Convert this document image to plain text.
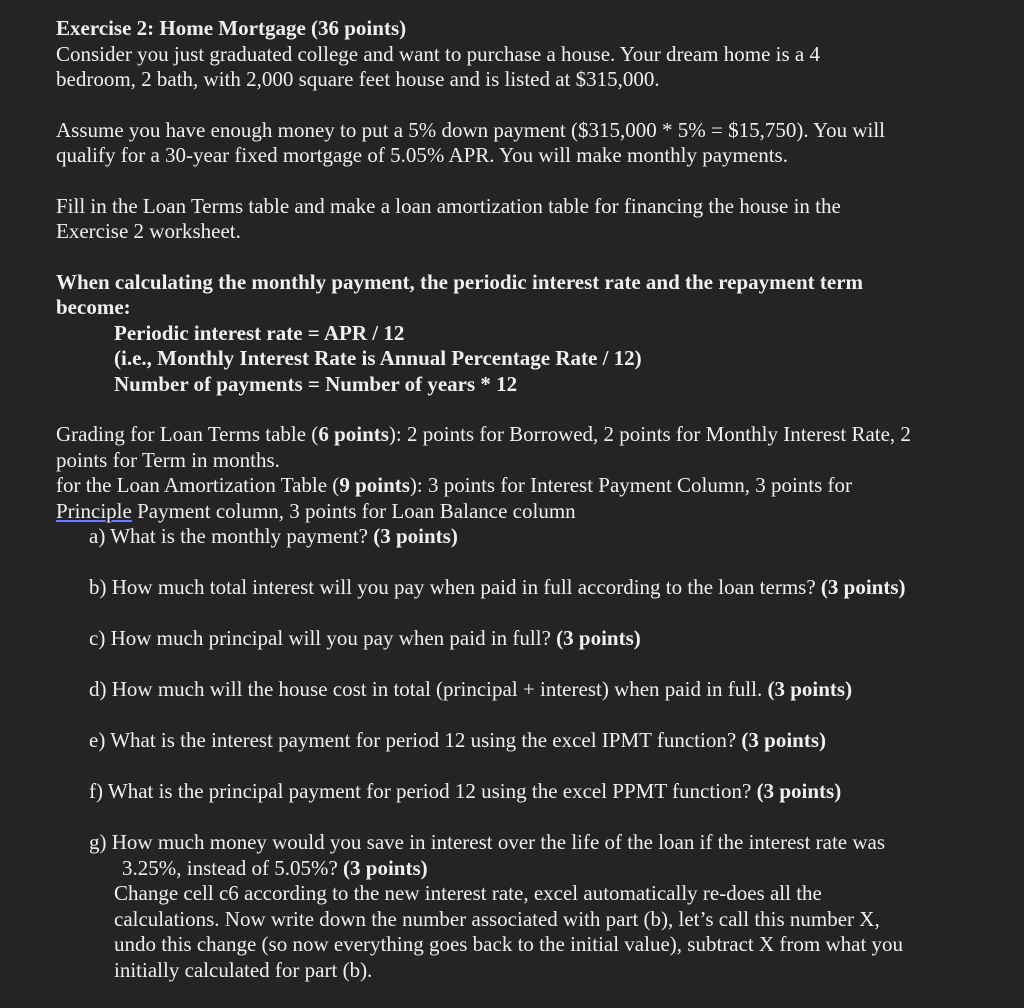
Exercise 2: Home Mortgage (36 points)

Consider you just graduated college and want to purchase a house. Your dream home is a 4

bedroom, 2 bath, with 2,000 square feet house and is listed at $315,000.

Assume you have enough money to put a 5% down payment ($315,000 * 5% = $15,750). You will

qualify for a 30-year fixed mortgage of 5.05% APR. You will make monthly payments.

Fill in the Loan Terms table and make a loan amortization table for financing the house in the

Exercise 2 worksheet.

When calculating the monthly payment, the periodic interest rate and the repayment term

become:

Periodic interest rate = APR / 12

(i.e., Monthly Interest Rate is Annual Percentage Rate / 12)

Number of payments = Number of years * 12

Grading for Loan Terms table (6 points): 2 points for Borrowed, 2 points for Monthly Interest Rate, 2

points for Term in months.

for the Loan Amortization Table (9 points): 3 points for Interest Payment Column, 3 points for

Principle Payment column, 3 points for Loan Balance column

a) What is the monthly payment? (3 points)
b) How much total interest will you pay when paid in full according to the loan terms? (3 points)
c) How much principal will you pay when paid in full? (3 points)
d) How much will the house cost in total (principal + interest) when paid in full. (3 points)
e) What is the interest payment for period 12 using the excel IPMT function? (3 points)
f) What is the principal payment for period 12 using the excel PPMT function? (3 points)

g) How much money would you save in interest over the life of the loan if the interest rate was

3.25%, instead of 5.05%? (3 points)

Change cell c6 according to the new interest rate, excel automatically re-does all the

calculations. Now write down the number associated with part (b), let’s call this number X,

undo this change (so now everything goes back to the initial value), subtract X from what you

initially calculated for part (b).
